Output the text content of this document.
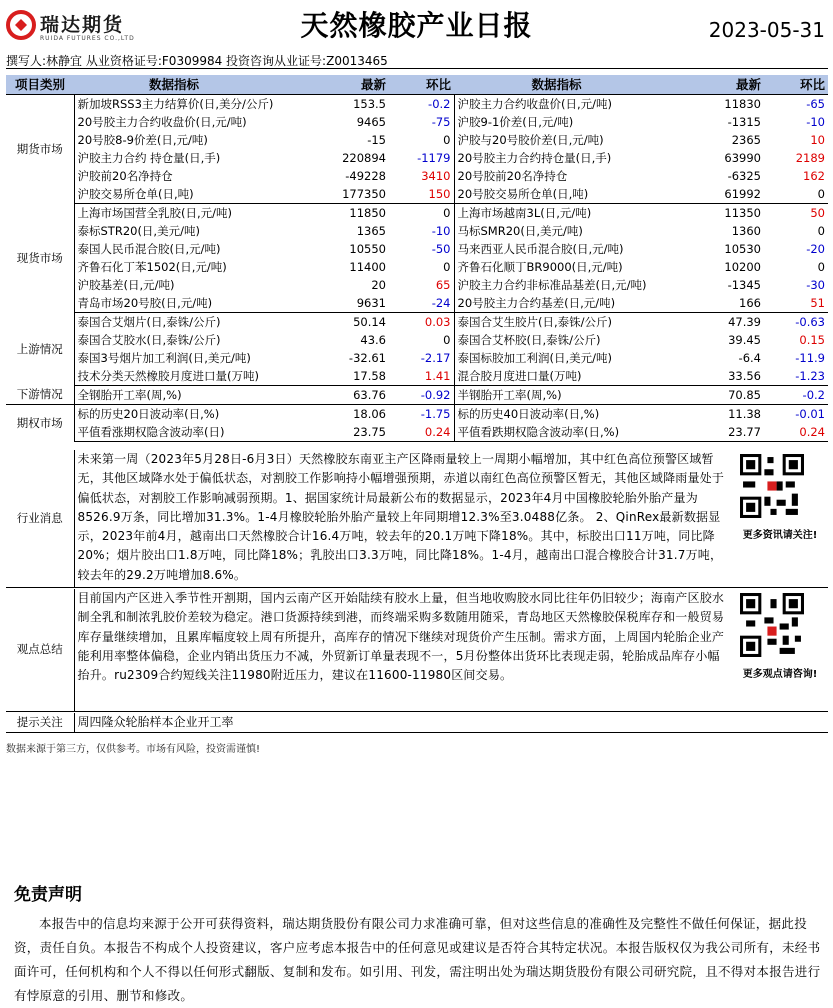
瑞达期货
RUIDA FUTURES CO.,LTD	天然橡胶产业日报	2023-05-31
撰写人:林静宜 从业资格证号:F0309984 投资咨询从业证号:Z0013465
项目类别	数据指标	最新	环比	数据指标	最新	环比
期货市场	新加坡RSS3主力结算价(日,美分/公斤)	153.5	-0.2	沪胶主力合约收盘价(日,元/吨)	11830	-65
	20号胶主力合约收盘价(日,元/吨)	9465	-75	沪胶9-1价差(日,元/吨)	-1315	-10
	20号胶8-9价差(日,元/吨)	-15	0	沪胶与20号胶价差(日,元/吨)	2365	10
	沪胶主力合约 持仓量(日,手)	220894	-1179	20号胶主力合约持仓量(日,手)	63990	2189
	沪胶前20名净持仓	-49228	3410	20号胶前20名净持仓	-6325	162
	沪胶交易所仓单(日,吨)	177350	150	20号胶交易所仓单(日,吨)	61992	0
现货市场	上海市场国营全乳胶(日,元/吨)	11850	0	上海市场越南3L(日,元/吨)	11350	50
	泰标STR20(日,美元/吨)	1365	-10	马标SMR20(日,美元/吨)	1360	0
	泰国人民币混合胶(日,元/吨)	10550	-50	马来西亚人民币混合胶(日,元/吨)	10530	-20
	齐鲁石化丁苯1502(日,元/吨)	11400	0	齐鲁石化顺丁BR9000(日,元/吨)	10200	0
	沪胶基差(日,元/吨)	20	65	沪胶主力合约非标准品基差(日,元/吨)	-1345	-30
	青岛市场20号胶(日,元/吨)	9631	-24	20号胶主力合约基差(日,元/吨)	166	51
上游情况	泰国合艾烟片(日,泰铢/公斤)	50.14	0.03	泰国合艾生胶片(日,泰铢/公斤)	47.39	-0.63
	泰国合艾胶水(日,泰铢/公斤)	43.6	0	泰国合艾杯胶(日,泰铢/公斤)	39.45	0.15
	泰国3号烟片加工利润(日,美元/吨)	-32.61	-2.17	泰国标胶加工利润(日,美元/吨)	-6.4	-11.9
	技术分类天然橡胶月度进口量(万吨)	17.58	1.41	混合胶月度进口量(万吨)	33.56	-1.23
下游情况	全钢胎开工率(周,%)	63.76	-0.92	半钢胎开工率(周,%)	70.85	-0.2
期权市场	标的历史20日波动率(日,%)	18.06	-1.75	标的历史40日波动率(日,%)	11.38	-0.01
	平值看涨期权隐含波动率(日)	23.75	0.24	平值看跌期权隐含波动率(日,%)	23.77	0.24
行业消息	未来第一周（2023年5月28日-6月3日）天然橡胶东南亚主产区降雨量较上一周期小幅增加，其中红色高位预警区域暂无，其他区域降水处于偏低状态，对割胶工作影响持小幅增强预期，赤道以南红色高位预警区暂无，其他区域降雨量处于偏低状态，对割胶工作影响减弱预期。1、据国家统计局最新公布的数据显示，2023年4月中国橡胶轮胎外胎产量为8526.9万条，同比增加31.3%。1-4月橡胶轮胎外胎产量较上年同期增12.3%至3.0488亿条。 2、QinRex最新数据显示，2023年前4月，越南出口天然橡胶合计16.4万吨，较去年的20.1万吨下降18%。其中，标胶出口11万吨，同比降20%；烟片胶出口1.8万吨，同比降18%；乳胶出口3.3万吨，同比降18%。1-4月，越南出口混合橡胶合计31.7万吨，较去年的29.2万吨增加8.6%。	
更多资讯请关注!
观点总结	目前国内产区进入季节性开割期，国内云南产区开始陆续有胶水上量，但当地收购胶水同比往年仍旧较少；海南产区胶水制全乳和制浓乳胶价差较为稳定。港口货源持续到港，而终端采购多数随用随采，青岛地区天然橡胶保税库存和一般贸易库存量继续增加，且累库幅度较上周有所提升，高库存的情况下继续对现货价产生压制。需求方面，上周国内轮胎企业产能利用率整体偏稳，企业内销出货压力不减，外贸新订单量表现不一，5月份整体出货环比表现走弱，轮胎成品库存小幅抬升。ru2309合约短线关注11980附近压力，建议在11600-11980区间交易。	更多观点请咨询!
提示关注	周四隆众轮胎样本企业开工率
数据来源于第三方，仅供参考。市场有风险，投资需谨慎!
免责声明
本报告中的信息均来源于公开可获得资料，瑞达期货股份有限公司力求准确可靠，但对这些信息的准确性及完整性不做任何保证，据此投资，责任自负。本报告不构成个人投资建议，客户应考虑本报告中的任何意见或建议是否符合其特定状况。本报告版权仅为我公司所有，未经书面许可，任何机构和个人不得以任何形式翻版、复制和发布。如引用、刊发，需注明出处为瑞达期货股份有限公司研究院，且不得对本报告进行有悖原意的引用、删节和修改。
